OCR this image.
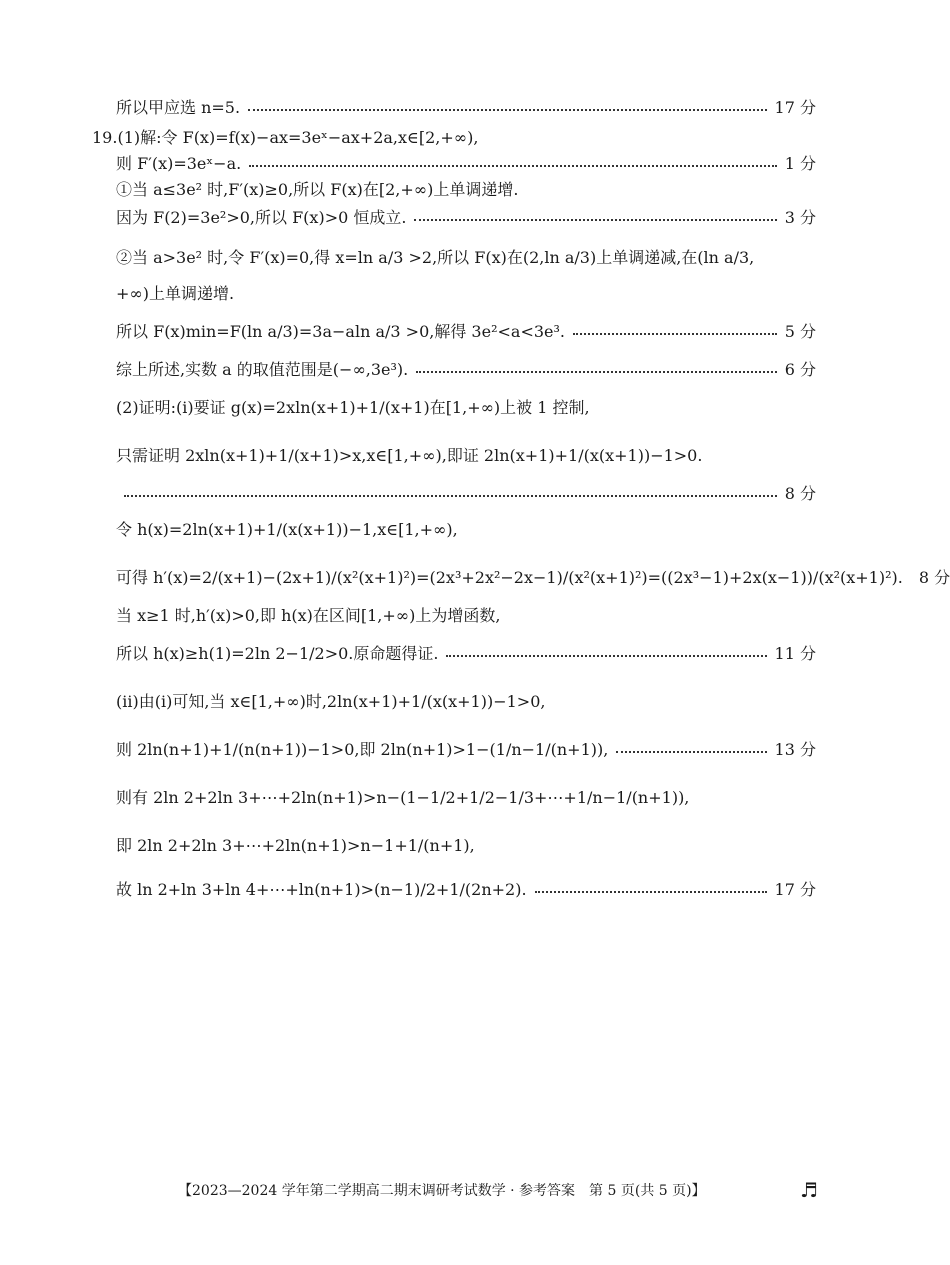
所以甲应选 n=5.	17 分
19.(1)解:令 F(x)=f(x)−ax=3eˣ−ax+2a,x∈[2,+∞),
则 F′(x)=3eˣ−a.	1 分
①当 a≤3e² 时,F′(x)≥0,所以 F(x)在[2,+∞)上单调递增.
因为 F(2)=3e²>0,所以 F(x)>0 恒成立.	3 分
②当 a>3e² 时,令 F′(x)=0,得 x=ln a/3 >2,所以 F(x)在(2,ln a/3)上单调递减,在(ln a/3,
+∞)上单调递增.
所以 F(x)min=F(ln a/3)=3a−aln a/3 >0,解得 3e²<a<3e³.	5 分
综上所述,实数 a 的取值范围是(−∞,3e³).	6 分
(2)证明:(ⅰ)要证 g(x)=2xln(x+1)+1/(x+1)在[1,+∞)上被 1 控制,
只需证明 2xln(x+1)+1/(x+1)>x,x∈[1,+∞),即证 2ln(x+1)+1/(x(x+1))−1>0.
8 分
令 h(x)=2ln(x+1)+1/(x(x+1))−1,x∈[1,+∞),
可得 h′(x)=2/(x+1)−(2x+1)/(x²(x+1)²)=(2x³+2x²−2x−1)/(x²(x+1)²)=((2x³−1)+2x(x−1))/(x²(x+1)²). 8 分
当 x≥1 时,h′(x)>0,即 h(x)在区间[1,+∞)上为增函数,
所以 h(x)≥h(1)=2ln 2−1/2>0.原命题得证.	11 分
(ⅱ)由(ⅰ)可知,当 x∈[1,+∞)时,2ln(x+1)+1/(x(x+1))−1>0,
则 2ln(n+1)+1/(n(n+1))−1>0,即 2ln(n+1)>1−(1/n−1/(n+1)),	13 分
则有 2ln 2+2ln 3+⋯+2ln(n+1)>n−(1−1/2+1/2−1/3+⋯+1/n−1/(n+1)),
即 2ln 2+2ln 3+⋯+2ln(n+1)>n−1+1/(n+1),
故 ln 2+ln 3+ln 4+⋯+ln(n+1)>(n−1)/2+1/(2n+2).	17 分
【2023—2024 学年第二学期高二期末调研考试数学 · 参考答案　第 5 页(共 5 页)】	♬
